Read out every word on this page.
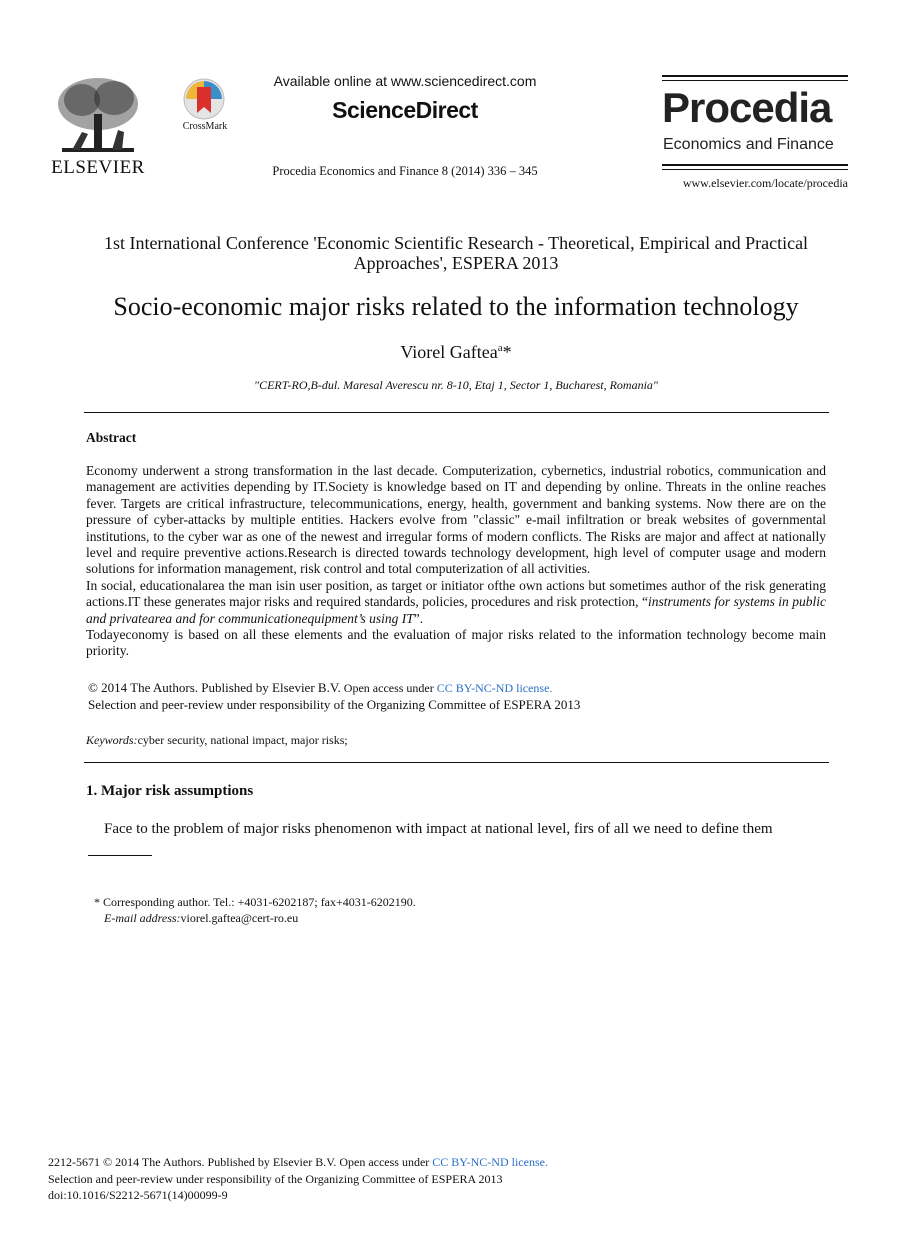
ELSEVIER
CrossMark
Available online at www.sciencedirect.com
ScienceDirect
Procedia Economics and Finance 8 (2014) 336 – 345
Procedia
Economics and Finance
www.elsevier.com/locate/procedia
1st International Conference 'Economic Scientific Research - Theoretical, Empirical and Practical
Approaches', ESPERA 2013
Socio-economic major risks related to the information technology
Viorel Gaftea$^a$*
"CERT-RO,B-dul. Maresal Averescu nr. 8-10, Etaj 1, Sector 1, Bucharest, Romania"
Abstract

Economy underwent a strong transformation in the last decade. Computerization, cybernetics, industrial robotics, communication and management are activities depending by IT.Society is knowledge based on IT and depending by online. Threats in the online reaches fever. Targets are critical infrastructure, telecommunications, energy, health, government and banking systems. Now there are on the pressure of cyber-attacks by multiple entities. Hackers evolve from "classic" e-mail infiltration or break websites of governmental institutions, to the cyber war as one of the newest and irregular forms of modern conflicts. The Risks are major and affect at nationally level and require preventive actions.Research is directed towards technology development, high level of computer usage and modern solutions for information management, risk control and total computerization of all activities.

In social, educationalarea the man isin user position, as target or initiator ofthe own actions but sometimes author of the risk generating actions.IT these generates major risks and required standards, policies, procedures and risk protection, “instruments for systems in public and privatearea and for communicationequipment’s using IT”.

Todayeconomy is based on all these elements and the evaluation of major risks related to the information technology become main priority.

© 2014 The Authors. Published by Elsevier B.V. Open access under CC BY-NC-ND license.
Selection and peer-review under responsibility of the Organizing Committee of ESPERA 2013
Keywords:cyber security, national impact, major risks;
1. Major risk assumptions
Face to the problem of major risks phenomenon with impact at national level, firs of all we need to define them
* Corresponding author. Tel.: +4031-6202187; fax+4031-6202190.
E-mail address:viorel.gaftea@cert-ro.eu
2212-5671 © 2014 The Authors. Published by Elsevier B.V. Open access under CC BY-NC-ND license.
Selection and peer-review under responsibility of the Organizing Committee of ESPERA 2013
doi:10.1016/S2212-5671(14)00099-9
